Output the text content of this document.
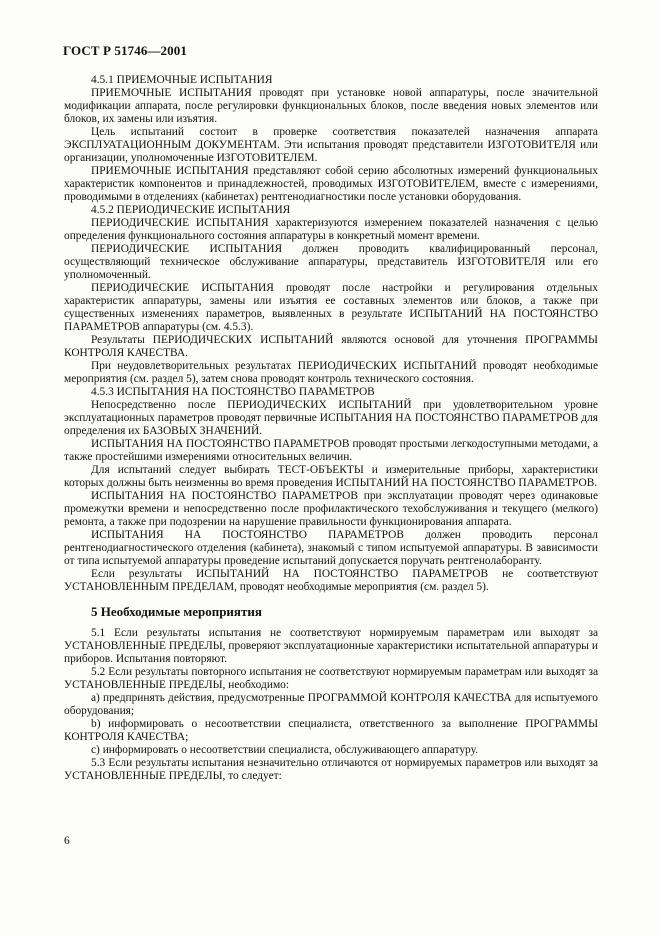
ГОСТ Р 51746—2001

4.5.1 ПРИЕМОЧНЫЕ ИСПЫТАНИЯ

ПРИЕМОЧНЫЕ ИСПЫТАНИЯ проводят при установке новой аппаратуры, после значительной модификации аппарата, после регулировки функциональных блоков, после введения новых элементов или блоков, их замены или изъятия.

Цель испытаний состоит в проверке соответствия показателей назначения аппарата ЭКСПЛУАТАЦИОННЫМ ДОКУМЕНТАМ. Эти испытания проводят представители ИЗГОТОВИТЕЛЯ или организации, уполномоченные ИЗГОТОВИТЕЛЕМ.

ПРИЕМОЧНЫЕ ИСПЫТАНИЯ представляют собой серию абсолютных измерений функциональных характеристик компонентов и принадлежностей, проводимых ИЗГОТОВИТЕЛЕМ, вместе с измерениями, проводимыми в отделениях (кабинетах) рентгенодиагностики после установки оборудования.

4.5.2 ПЕРИОДИЧЕСКИЕ ИСПЫТАНИЯ

ПЕРИОДИЧЕСКИЕ ИСПЫТАНИЯ характеризуются измерением показателей назначения с целью определения функционального состояния аппаратуры в конкретный момент времени.

ПЕРИОДИЧЕСКИЕ ИСПЫТАНИЯ должен проводить квалифицированный персонал, осуществляющий техническое обслуживание аппаратуры, представитель ИЗГОТОВИТЕЛЯ или его уполномоченный.

ПЕРИОДИЧЕСКИЕ ИСПЫТАНИЯ проводят после настройки и регулирования отдельных характеристик аппаратуры, замены или изъятия ее составных элементов или блоков, а также при существенных изменениях параметров, выявленных в результате ИСПЫТАНИЙ НА ПОСТОЯНСТВО ПАРАМЕТРОВ аппаратуры (см. 4.5.3).

Результаты ПЕРИОДИЧЕСКИХ ИСПЫТАНИЙ являются основой для уточнения ПРОГРАММЫ КОНТРОЛЯ КАЧЕСТВА.

При неудовлетворительных результатах ПЕРИОДИЧЕСКИХ ИСПЫТАНИЙ проводят необходимые мероприятия (см. раздел 5), затем снова проводят контроль технического состояния.

4.5.3 ИСПЫТАНИЯ НА ПОСТОЯНСТВО ПАРАМЕТРОВ

Непосредственно после ПЕРИОДИЧЕСКИХ ИСПЫТАНИЙ при удовлетворительном уровне эксплуатационных параметров проводят первичные ИСПЫТАНИЯ НА ПОСТОЯНСТВО ПАРАМЕТРОВ для определения их БАЗОВЫХ ЗНАЧЕНИЙ.

ИСПЫТАНИЯ НА ПОСТОЯНСТВО ПАРАМЕТРОВ проводят простыми легкодоступными методами, а также простейшими измерениями относительных величин.

Для испытаний следует выбирать ТЕСТ-ОБЪЕКТЫ и измерительные приборы, характеристики которых должны быть неизменны во время проведения ИСПЫТАНИЙ НА ПОСТОЯНСТВО ПАРАМЕТРОВ.

ИСПЫТАНИЯ НА ПОСТОЯНСТВО ПАРАМЕТРОВ при эксплуатации проводят через одинаковые промежутки времени и непосредственно после профилактического техобслуживания и текущего (мелкого) ремонта, а также при подозрении на нарушение правильности функционирования аппарата.

ИСПЫТАНИЯ НА ПОСТОЯНСТВО ПАРАМЕТРОВ должен проводить персонал рентгенодиагностического отделения (кабинета), знакомый с типом испытуемой аппаратуры. В зависимости от типа испытуемой аппаратуры проведение испытаний допускается поручать рентгенолаборанту.

Если результаты ИСПЫТАНИЙ НА ПОСТОЯНСТВО ПАРАМЕТРОВ не соответствуют УСТАНОВЛЕННЫМ ПРЕДЕЛАМ, проводят необходимые мероприятия (см. раздел 5).

5 Необходимые мероприятия

5.1 Если результаты испытания не соответствуют нормируемым параметрам или выходят за УСТАНОВЛЕННЫЕ ПРЕДЕЛЫ, проверяют эксплуатационные характеристики испытательной аппаратуры и приборов. Испытания повторяют.

5.2 Если результаты повторного испытания не соответствуют нормируемым параметрам или выходят за УСТАНОВЛЕННЫЕ ПРЕДЕЛЫ, необходимо:

a) предпринять действия, предусмотренные ПРОГРАММОЙ КОНТРОЛЯ КАЧЕСТВА для испытуемого оборудования;

b) информировать о несоответствии специалиста, ответственного за выполнение ПРОГРАММЫ КОНТРОЛЯ КАЧЕСТВА;

c) информировать о несоответствии специалиста, обслуживающего аппаратуру.

5.3 Если результаты испытания незначительно отличаются от нормируемых параметров или выходят за УСТАНОВЛЕННЫЕ ПРЕДЕЛЫ, то следует:

6
